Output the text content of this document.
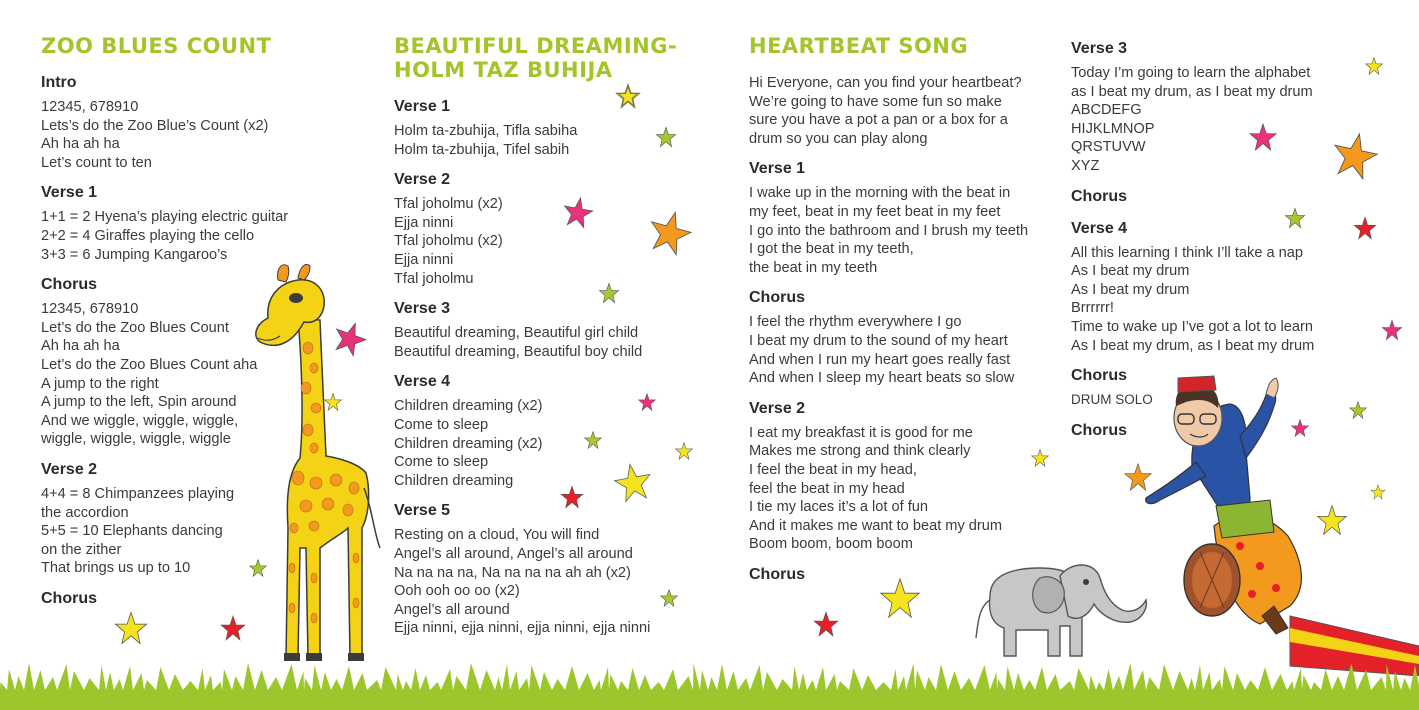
ZOO BLUES COUNT
Intro
12345, 678910
Lets’s do the Zoo Blue’s Count (x2)
Ah ha ah ha
Let’s count to ten
Verse 1
1+1 = 2 Hyena’s playing electric guitar
2+2 = 4 Giraffes playing the cello
3+3 = 6 Jumping Kangaroo’s
Chorus
12345, 678910
Let’s do the Zoo Blues Count
Ah ha ah ha
Let’s do the Zoo Blues Count aha
A jump to the right
A jump to the left, Spin around
And we wiggle, wiggle, wiggle,
wiggle, wiggle, wiggle, wiggle
Verse 2
4+4 = 8 Chimpanzees playing
the accordion
5+5 = 10 Elephants dancing
on the zither
That brings us up to 10
Chorus
BEAUTIFUL DREAMING-
HOLM TAZ BUHIJA
Verse 1
Holm ta-zbuhija, Tifla sabiha
Holm ta-zbuhija, Tifel sabih
Verse 2
Tfal joholmu (x2)
Ejja ninni
Tfal joholmu (x2)
Ejja ninni
Tfal joholmu
Verse 3
Beautiful dreaming, Beautiful girl child
Beautiful dreaming, Beautiful boy child
Verse 4
Children dreaming (x2)
Come to sleep
Children dreaming (x2)
Come to sleep
Children dreaming
Verse 5
Resting on a cloud, You will find
Angel’s all around, Angel’s all around
Na na na na, Na na na na ah ah (x2)
Ooh ooh oo oo (x2)
Angel’s all around
Ejja ninni, ejja ninni, ejja ninni, ejja ninni
HEARTBEAT SONG
Hi Everyone, can you find your heartbeat?
We’re going to have some fun so make
sure you have a pot a pan or a box for a
drum so you can play along
Verse 1
I wake up in the morning with the beat in
my feet, beat in my feet beat in my feet
I go into the bathroom and I brush my teeth
I got the beat in my teeth,
the beat in my teeth
Chorus
I feel the rhythm everywhere I go
I beat my drum to the sound of my heart
And when I run my heart goes really fast
And when I sleep my heart beats so slow
Verse 2
I eat my breakfast it is good for me
Makes me strong and think clearly
I feel the beat in my head,
feel the beat in my head
I tie my laces it’s a lot of fun
And it makes me want to beat my drum
Boom boom, boom boom
Chorus
Verse 3
Today I’m going to learn the alphabet
as I beat my drum, as I beat my drum
ABCDEFG
HIJKLMNOP
QRSTUVW
XYZ
Chorus
Verse 4
All this learning I think I’ll take a nap
As I beat my drum
As I beat my drum
Brrrrrr!
Time to wake up I’ve got a lot to learn
As I beat my drum, as I beat my drum
Chorus
DRUM SOLO
Chorus
